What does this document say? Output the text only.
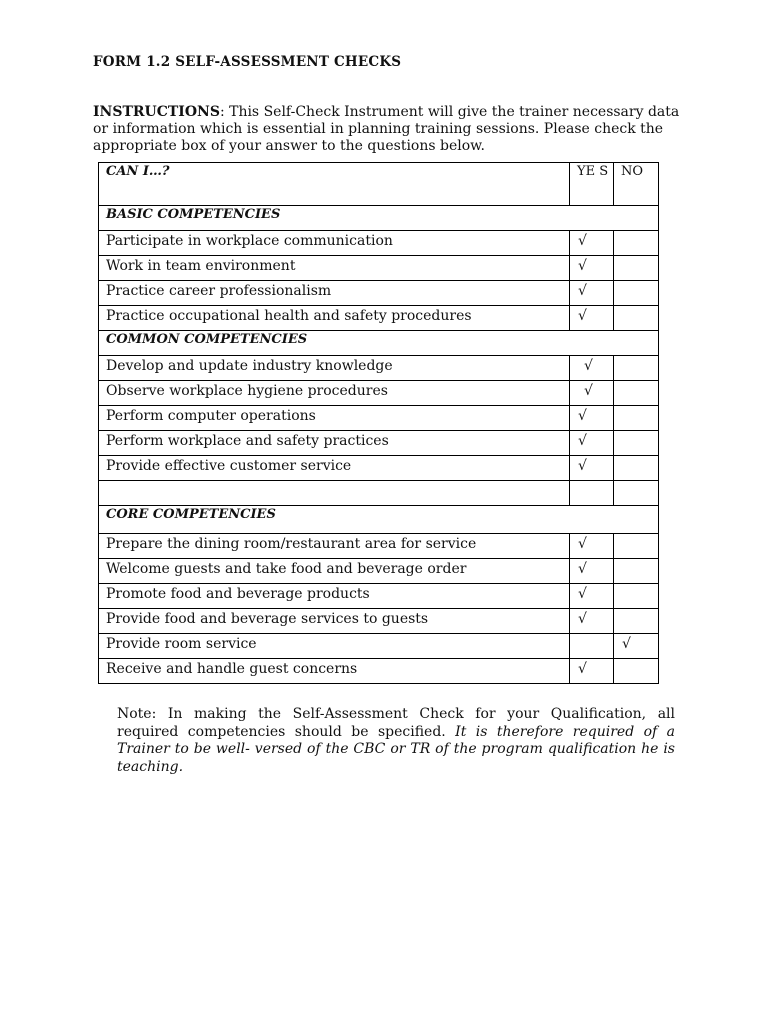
FORM 1.2 SELF-ASSESSMENT CHECKS
INSTRUCTIONS: This Self-Check Instrument will give the trainer necessary data or information which is essential in planning training sessions. Please check the appropriate box of your answer to the questions below.
CAN I…?	YE S	NO
BASIC COMPETENCIES		
Participate in workplace communication	√	
Work in team environment	√	
Practice career professionalism	√	
Practice occupational health and safety procedures	√	
COMMON COMPETENCIES		
Develop and update industry knowledge	√	
Observe workplace hygiene procedures	√	
Perform computer operations	√	
Perform workplace and safety practices	√	
Provide effective customer service	√	

CORE COMPETENCIES		
Prepare the dining room/restaurant area for service	√	
Welcome guests and take food and beverage order	√	
Promote food and beverage products	√	
Provide food and beverage services to guests	√	
Provide room service		√
Receive and handle guest concerns	√	
Note: In making the Self-Assessment Check for your Qualification, all required competencies should be specified. It is therefore required of a Trainer to be well- versed of the CBC or TR of the program qualification he is teaching.
